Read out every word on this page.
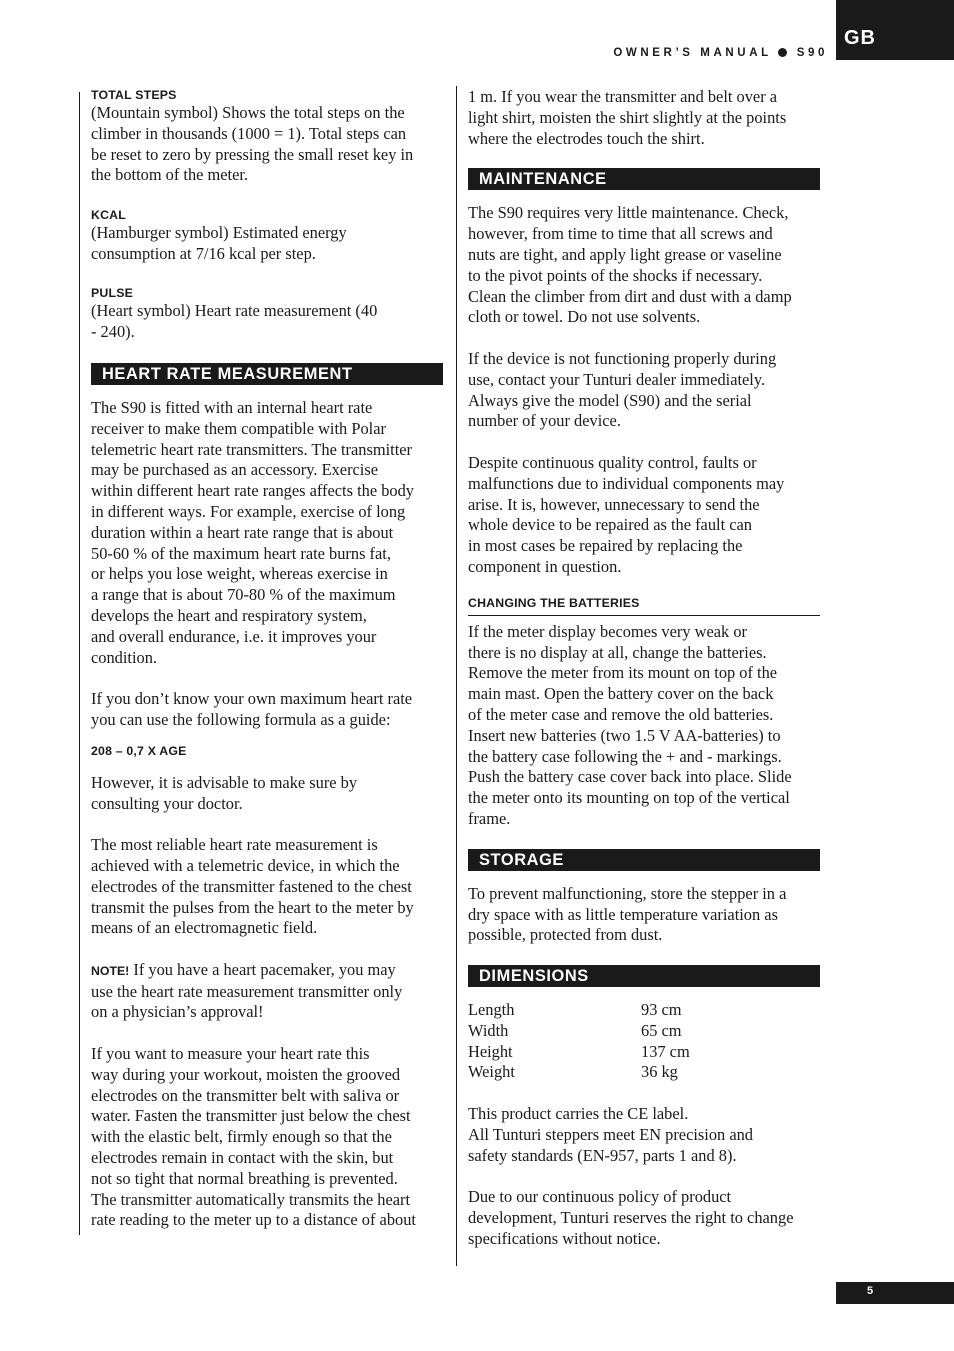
GB
OWNER’S MANUAL S90
TOTAL STEPS

(Mountain symbol) Shows the total steps on the
climber in thousands (1000 = 1). Total steps can
be reset to zero by pressing the small reset key in
the bottom of the meter.

KCAL

(Hamburger symbol) Estimated energy
consumption at 7/16 kcal per step.

PULSE

(Heart symbol) Heart rate measurement (40
- 240).

HEART RATE MEASUREMENT

The S90 is fitted with an internal heart rate
receiver to make them compatible with Polar
telemetric heart rate transmitters. The transmitter
may be purchased as an accessory. Exercise
within different heart rate ranges affects the body
in different ways. For example, exercise of long
duration within a heart rate range that is about
50-60 % of the maximum heart rate burns fat,
or helps you lose weight, whereas exercise in
a range that is about 70-80 % of the maximum
develops the heart and respiratory system,
and overall endurance, i.e. it improves your
condition.

If you don’t know your own maximum heart rate
you can use the following formula as a guide:

208 – 0,7 X AGE

However, it is advisable to make sure by
consulting your doctor.

The most reliable heart rate measurement is
achieved with a telemetric device, in which the
electrodes of the transmitter fastened to the chest
transmit the pulses from the heart to the meter by
means of an electromagnetic field.

NOTE! If you have a heart pacemaker, you may
use the heart rate measurement transmitter only
on a physician’s approval!

If you want to measure your heart rate this
way during your workout, moisten the grooved
electrodes on the transmitter belt with saliva or
water. Fasten the transmitter just below the chest
with the elastic belt, firmly enough so that the
electrodes remain in contact with the skin, but
not so tight that normal breathing is prevented.
The transmitter automatically transmits the heart
rate reading to the meter up to a distance of about

1 m. If you wear the transmitter and belt over a
light shirt, moisten the shirt slightly at the points
where the electrodes touch the shirt.

MAINTENANCE

The S90 requires very little maintenance. Check,
however, from time to time that all screws and
nuts are tight, and apply light grease or vaseline
to the pivot points of the shocks if necessary.
Clean the climber from dirt and dust with a damp
cloth or towel. Do not use solvents.

If the device is not functioning properly during
use, contact your Tunturi dealer immediately.
Always give the model (S90) and the serial
number of your device.

Despite continuous quality control, faults or
malfunctions due to individual components may
arise. It is, however, unnecessary to send the
whole device to be repaired as the fault can
in most cases be repaired by replacing the
component in question.

CHANGING THE BATTERIES

If the meter display becomes very weak or
there is no display at all, change the batteries.
Remove the meter from its mount on top of the
main mast. Open the battery cover on the back
of the meter case and remove the old batteries.
Insert new batteries (two 1.5 V AA-batteries) to
the battery case following the + and - markings.
Push the battery case cover back into place. Slide
the meter onto its mounting on top of the vertical
frame.

STORAGE

To prevent malfunctioning, store the stepper in a
dry space with as little temperature variation as
possible, protected from dust.

DIMENSIONS
Length	93 cm
Width	65 cm
Height	137 cm
Weight	36 kg

This product carries the CE label.
All Tunturi steppers meet EN precision and
safety standards (EN-957, parts 1 and 8).

Due to our continuous policy of product
development, Tunturi reserves the right to change
specifications without notice.

5
